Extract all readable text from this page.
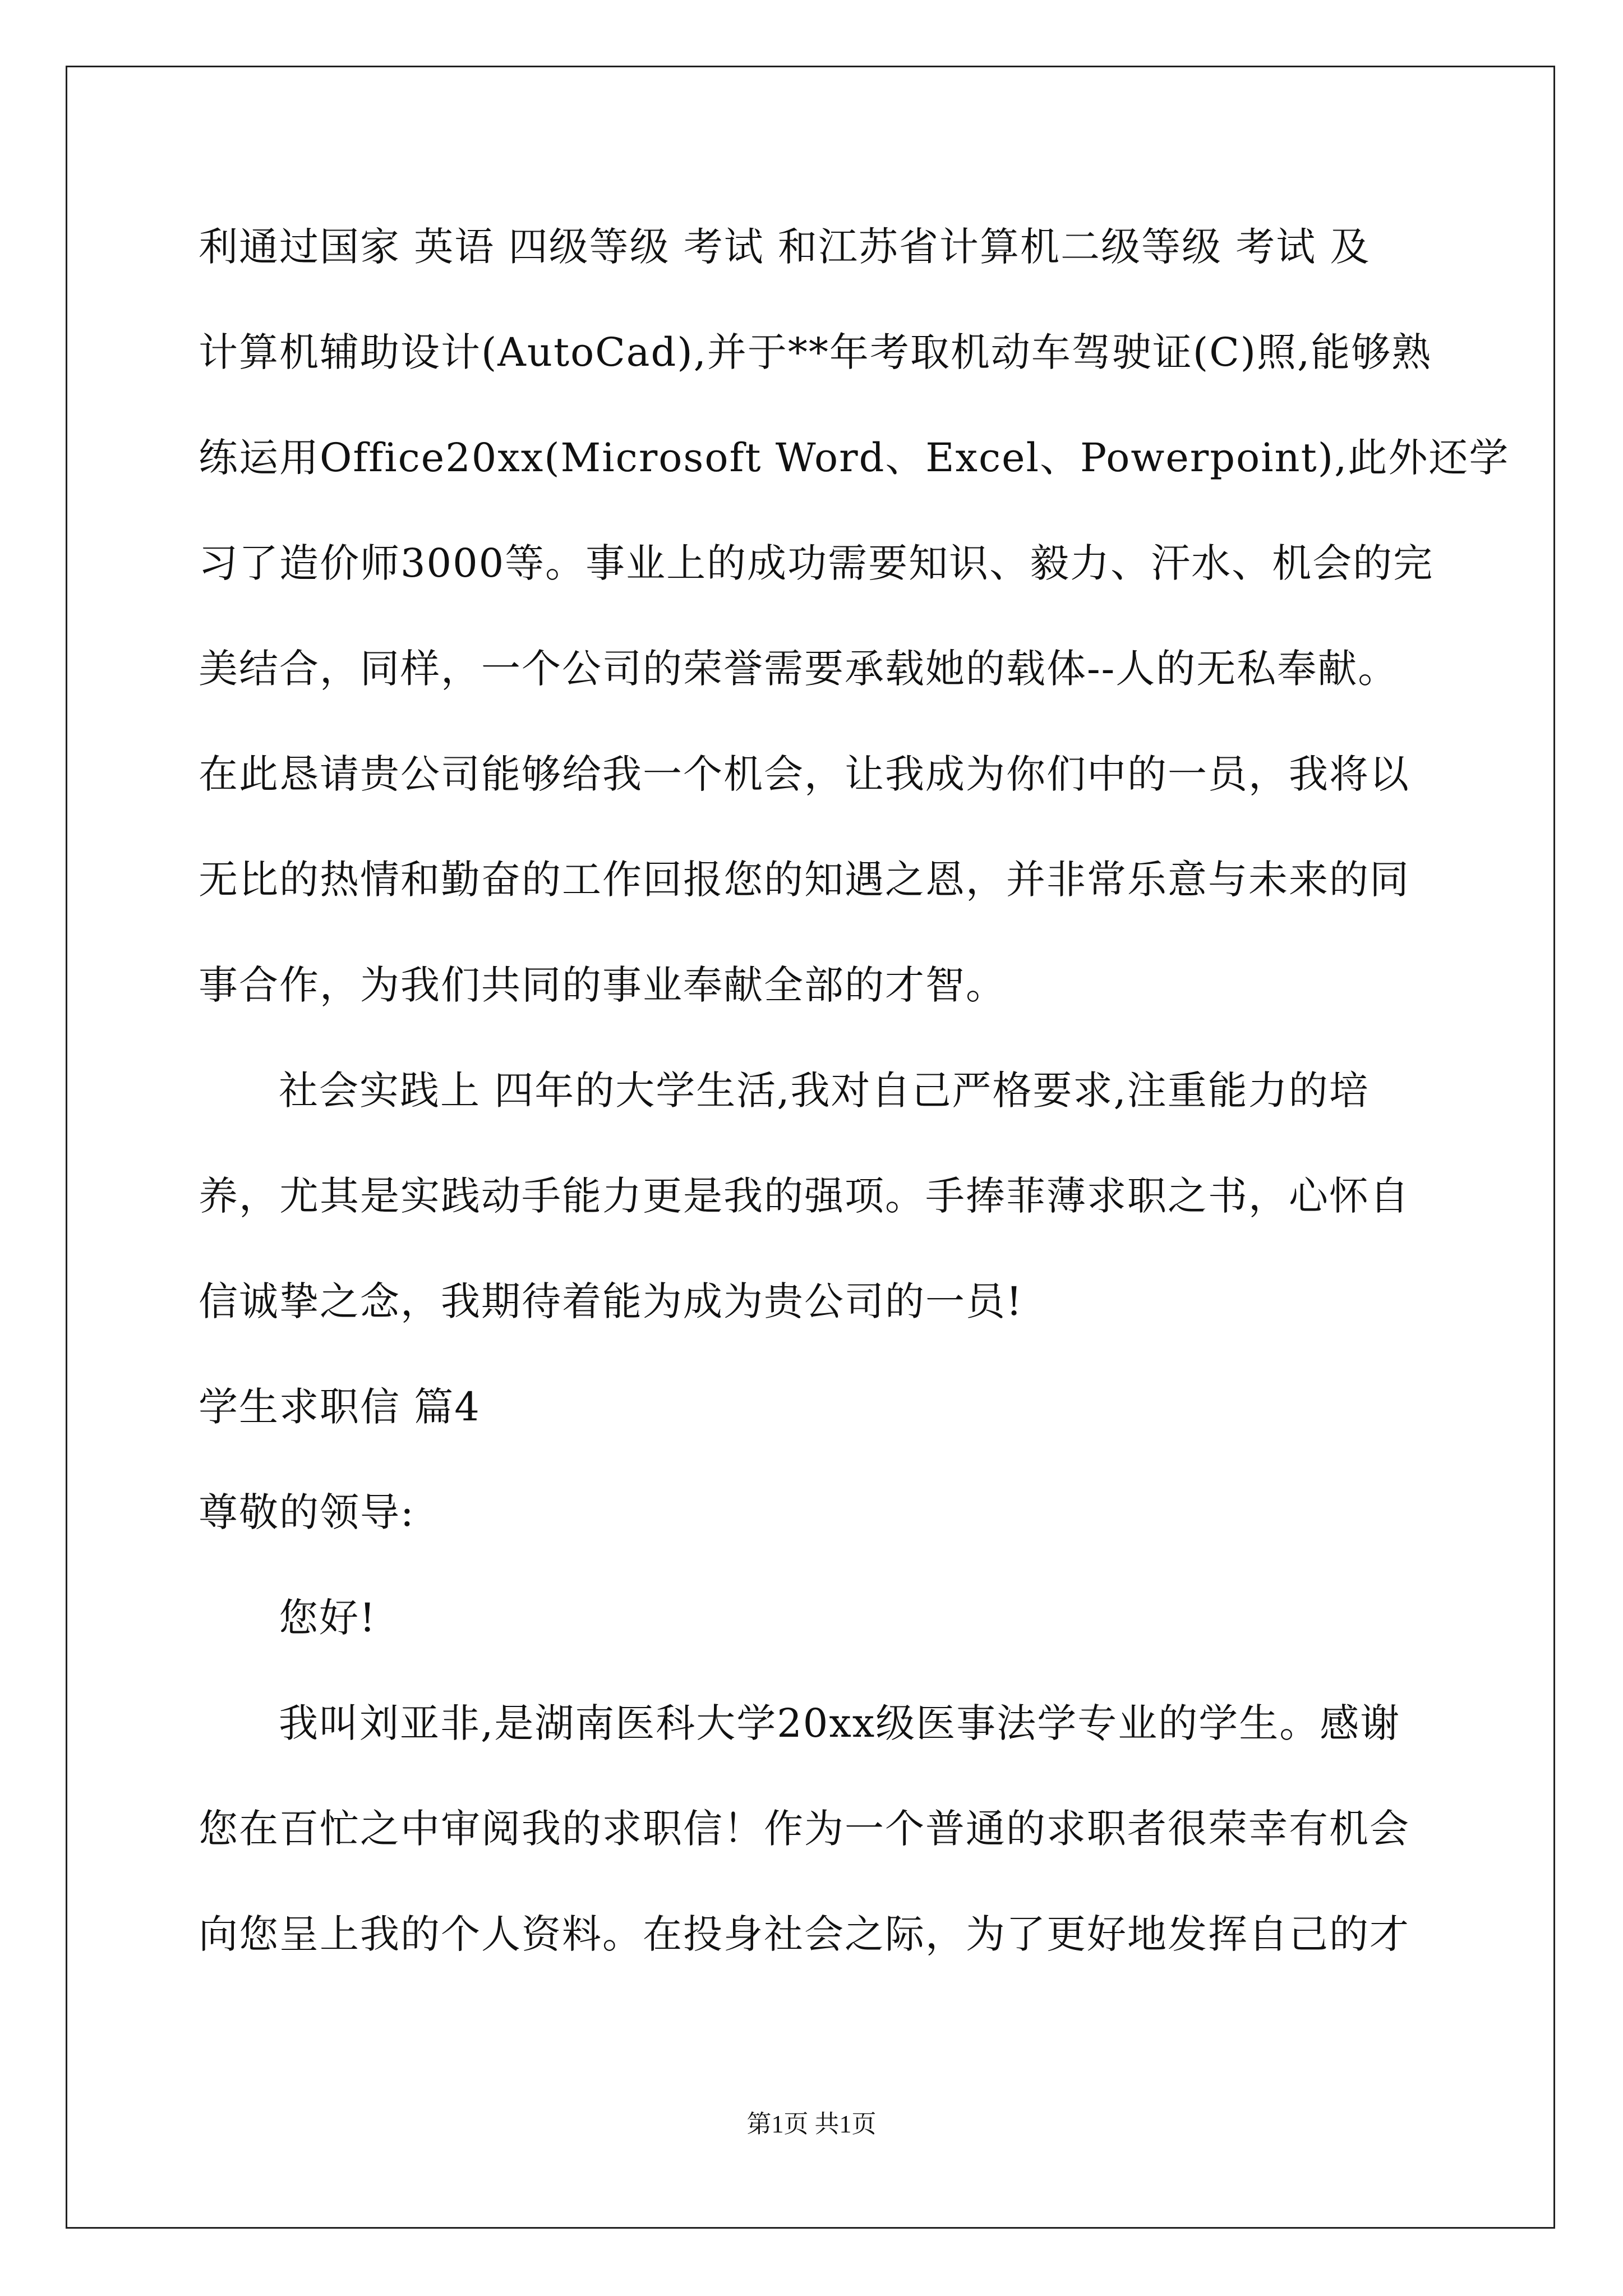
利通过国家 英语 四级等级 考试 和江苏省计算机二级等级 考试 及
计算机辅助设计(AutoCad),并于**年考取机动车驾驶证(C)照,能够熟
练运用Office20xx(Microsoft Word、Excel、Powerpoint),此外还学
习了造价师3000等。事业上的成功需要知识、毅力、汗水、机会的完
美结合，同样，一个公司的荣誉需要承载她的载体--人的无私奉献。
在此恳请贵公司能够给我一个机会，让我成为你们中的一员，我将以
无比的热情和勤奋的工作回报您的知遇之恩，并非常乐意与未来的同
事合作，为我们共同的事业奉献全部的才智。
社会实践上 四年的大学生活,我对自己严格要求,注重能力的培
养，尤其是实践动手能力更是我的强项。手捧菲薄求职之书，心怀自
信诚挚之念，我期待着能为成为贵公司的一员!
学生求职信 篇4
尊敬的领导:
您好!
我叫刘亚非,是湖南医科大学20xx级医事法学专业的学生。感谢
您在百忙之中审阅我的求职信！作为一个普通的求职者很荣幸有机会
向您呈上我的个人资料。在投身社会之际，为了更好地发挥自己的才
第1页 共1页
